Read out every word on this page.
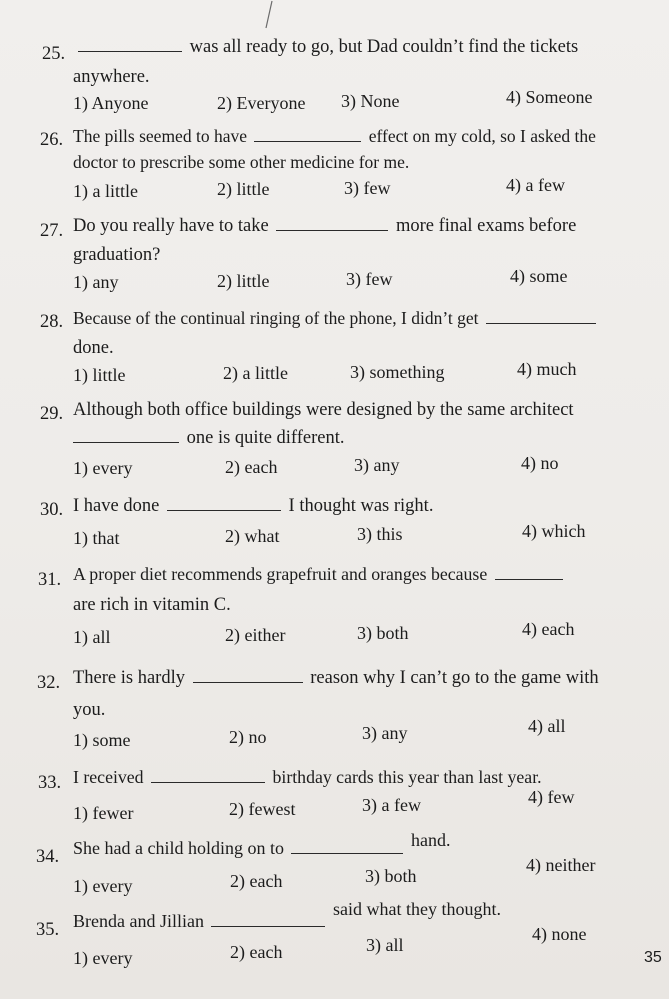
25.	was all ready to go, but Dad couldn’t find the tickets
anywhere.
1) Anyone	2) Everyone 3) None	4) Someone
26. The pills seemed to have	effect on my cold, so I asked the
doctor to prescribe some other medicine for me.
1) a little	2) little	3) few	4) a few
27. Do you really have to take	more final exams before
graduation?
1) any	2) little	3) few	4) some
28. Because of the continual ringing of the phone, I didn’t get
done.
1) little	2) a little	3) something	4) much
29. Although both office buildings were designed by the same architect
one is quite different.
1) every	2) each	3) any	4) no
30. I have done	I thought was right.
1) that	2) what	3) this	4) which
31. A proper diet recommends grapefruit and oranges because
are rich in vitamin C.
1) all	2) either	3) both	4) each
32. There is hardly	reason why I can’t go to the game with
you.
1) some	2) no	3) any	4) all
33. I received	birthday cards this year than last year.
1) fewer	2) fewest	3) a few	4) few
34. She had a child holding on to	hand.
1) every	2) each	3) both
4) neither
35. Brenda and Jillian  said what they thought.
1) every	2) each	3) all
4) none
35
